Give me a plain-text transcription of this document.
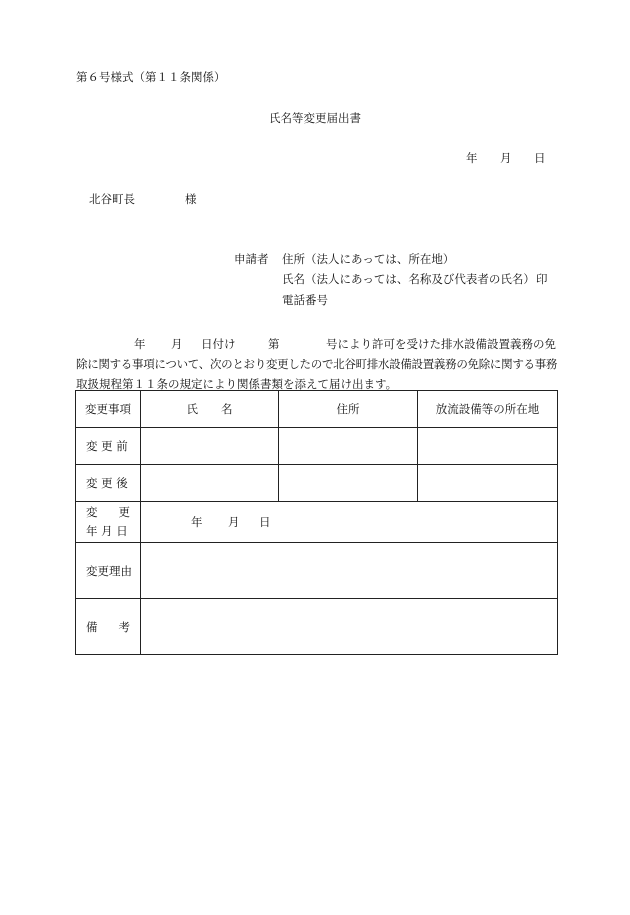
第６号様式（第１１条関係）
氏名等変更届出書
年 月 日
北谷町長	様
申請者 住所（法人にあっては、所在地）
氏名（法人にあっては、名称及び代表者の氏名） 印
電話番号
年 月 日付け	第	号により許可を受けた排水設備設置義務の免
除に関する事項について、次のとおり変更したので北谷町排水設備設置義務の免除に関する事務
取扱規程第１１条の規定により関係書類を添えて届け出ます。
変更事項	氏　　名	住所	放流設備等の所在地
変 更 前			
変 更 後			

変 更
年 月 日	年 月 日		
変更理由			

備 考			
